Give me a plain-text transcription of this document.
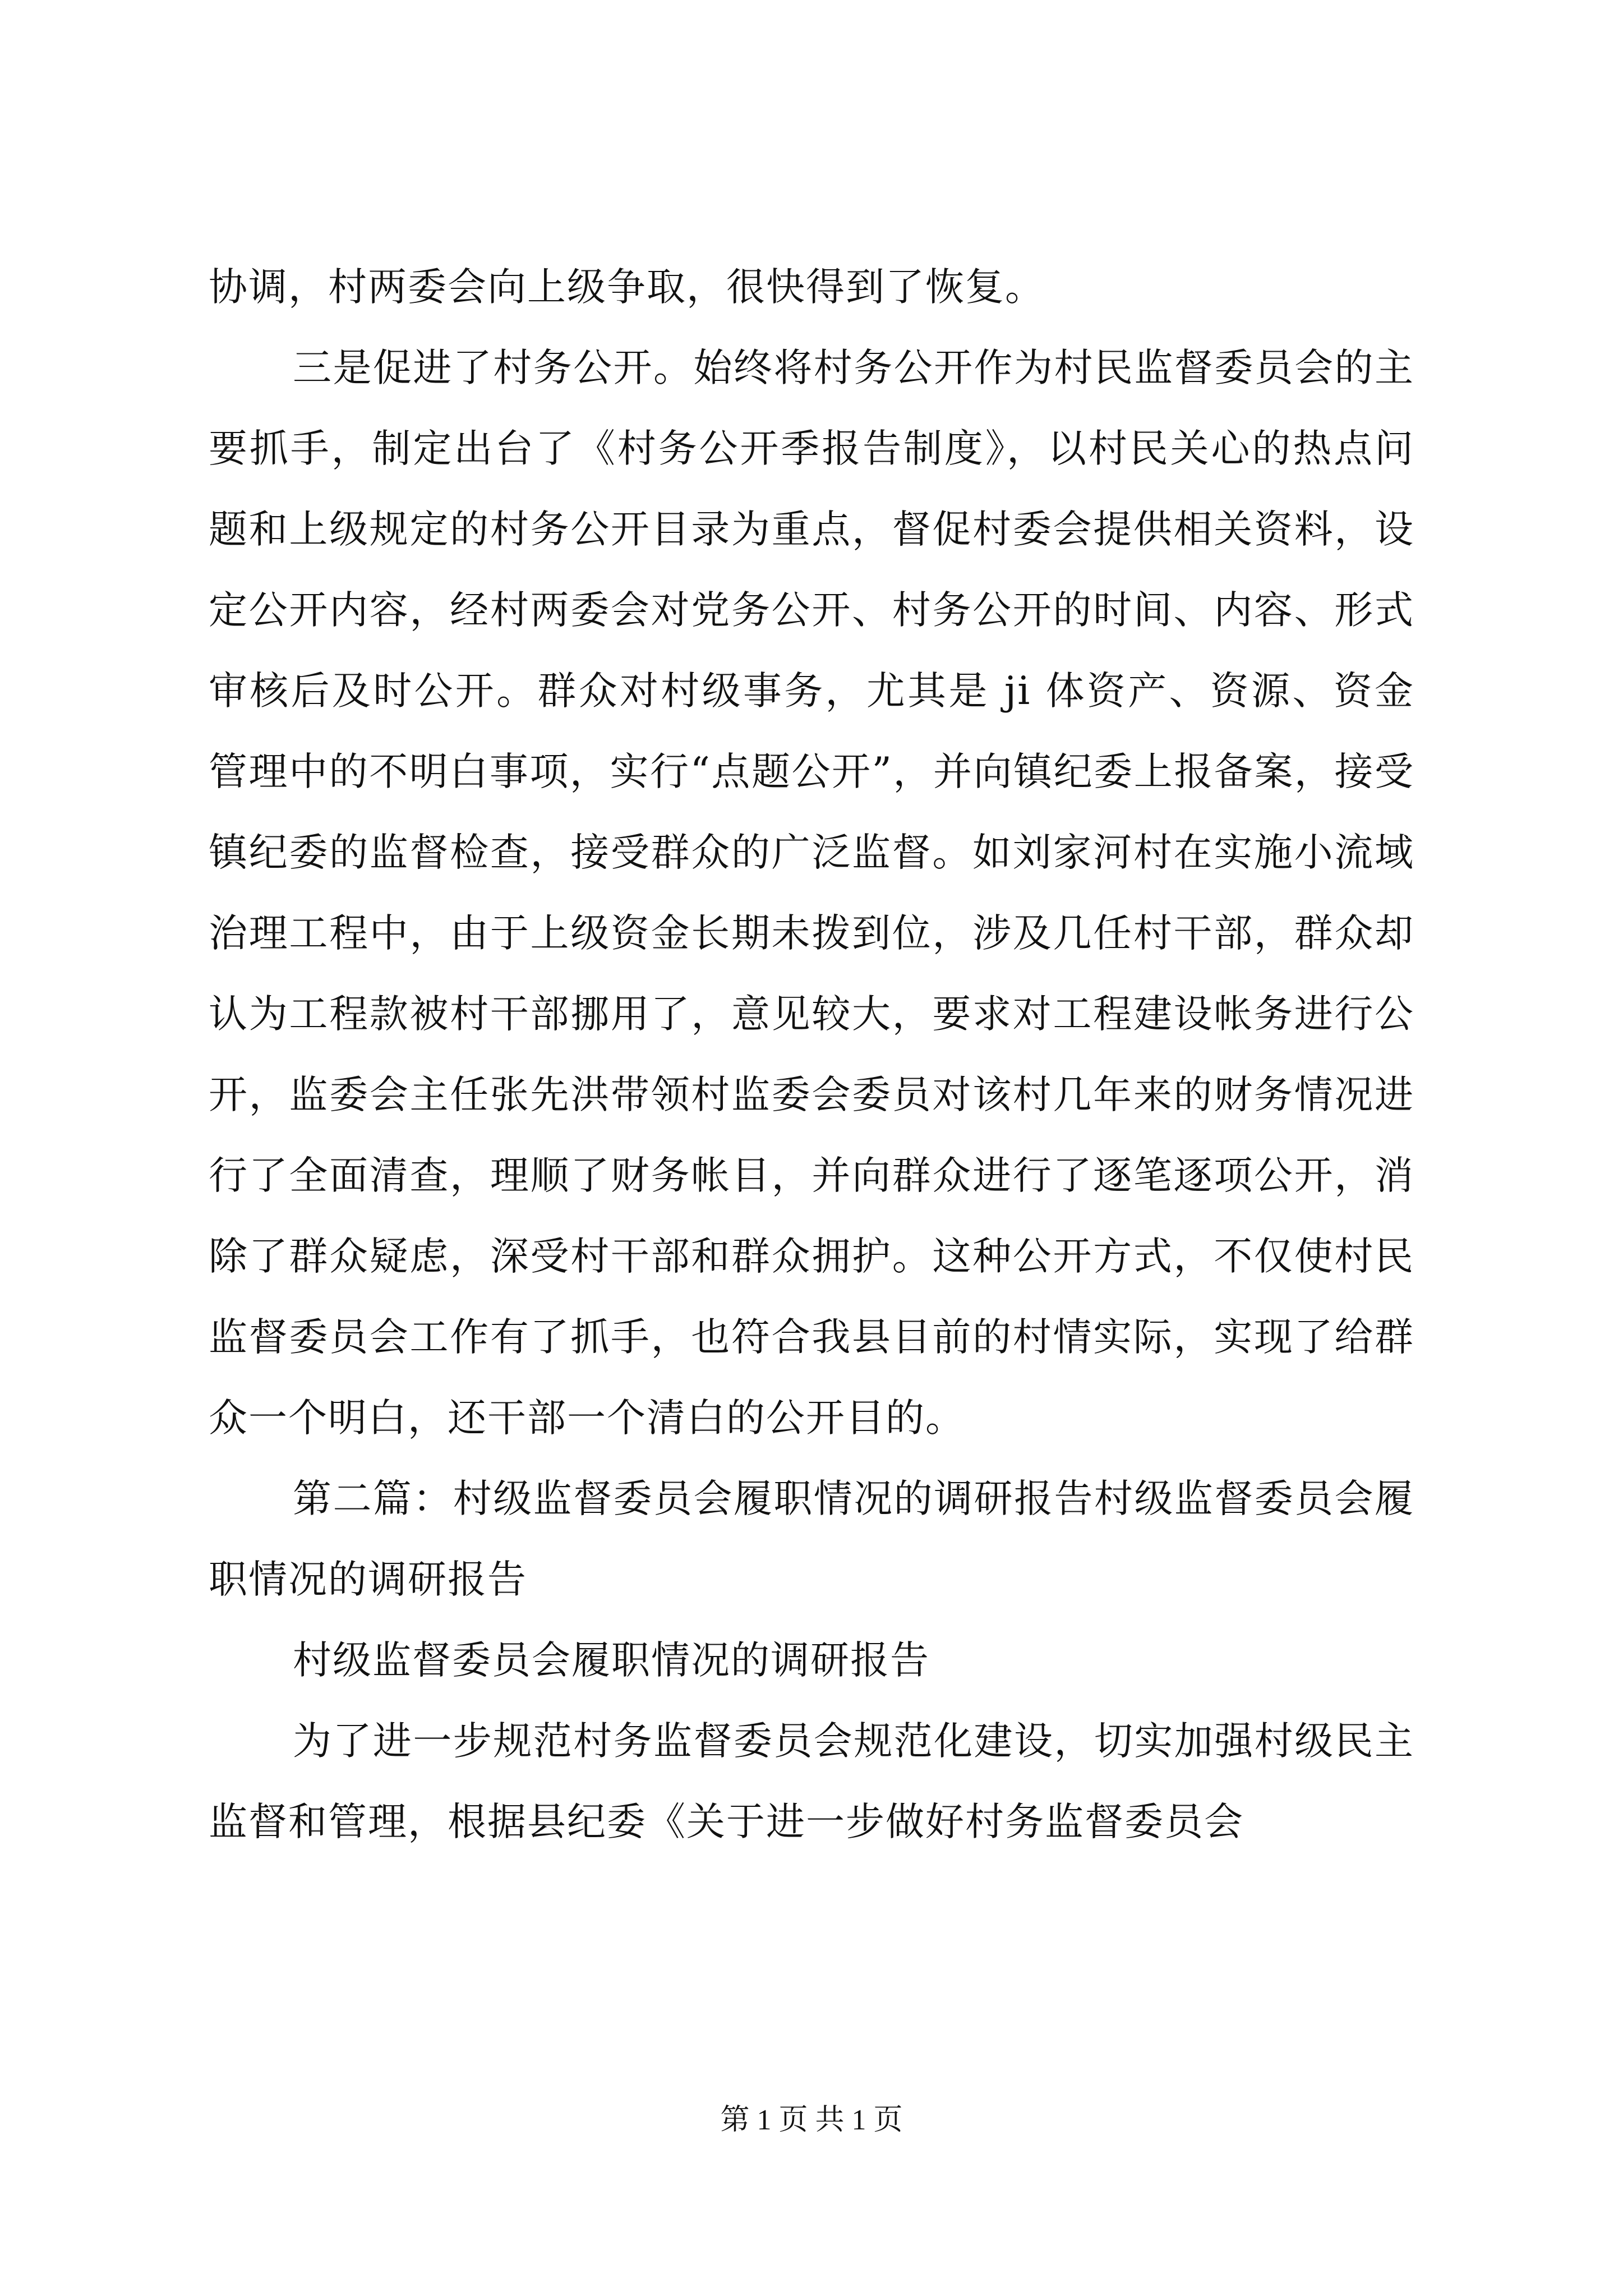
协调，村两委会向上级争取，很快得到了恢复。

三是促进了村务公开。始终将村务公开作为村民监督委员会的主要抓手，制定出台了《村务公开季报告制度》，以村民关心的热点问题和上级规定的村务公开目录为重点，督促村委会提供相关资料，设定公开内容，经村两委会对党务公开、村务公开的时间、内容、形式审核后及时公开。群众对村级事务，尤其是 ji 体资产、资源、资金管理中的不明白事项，实行“点题公开”，并向镇纪委上报备案，接受镇纪委的监督检查，接受群众的广泛监督。如刘家河村在实施小流域治理工程中，由于上级资金长期未拨到位，涉及几任村干部，群众却认为工程款被村干部挪用了，意见较大，要求对工程建设帐务进行公开，监委会主任张先洪带领村监委会委员对该村几年来的财务情况进行了全面清查，理顺了财务帐目，并向群众进行了逐笔逐项公开，消除了群众疑虑，深受村干部和群众拥护。这种公开方式，不仅使村民监督委员会工作有了抓手，也符合我县目前的村情实际，实现了给群众一个明白，还干部一个清白的公开目的。

第二篇：村级监督委员会履职情况的调研报告村级监督委员会履职情况的调研报告

村级监督委员会履职情况的调研报告

为了进一步规范村务监督委员会规范化建设，切实加强村级民主监督和管理，根据县纪委《关于进一步做好村务监督委员会

第 1 页 共 1 页
